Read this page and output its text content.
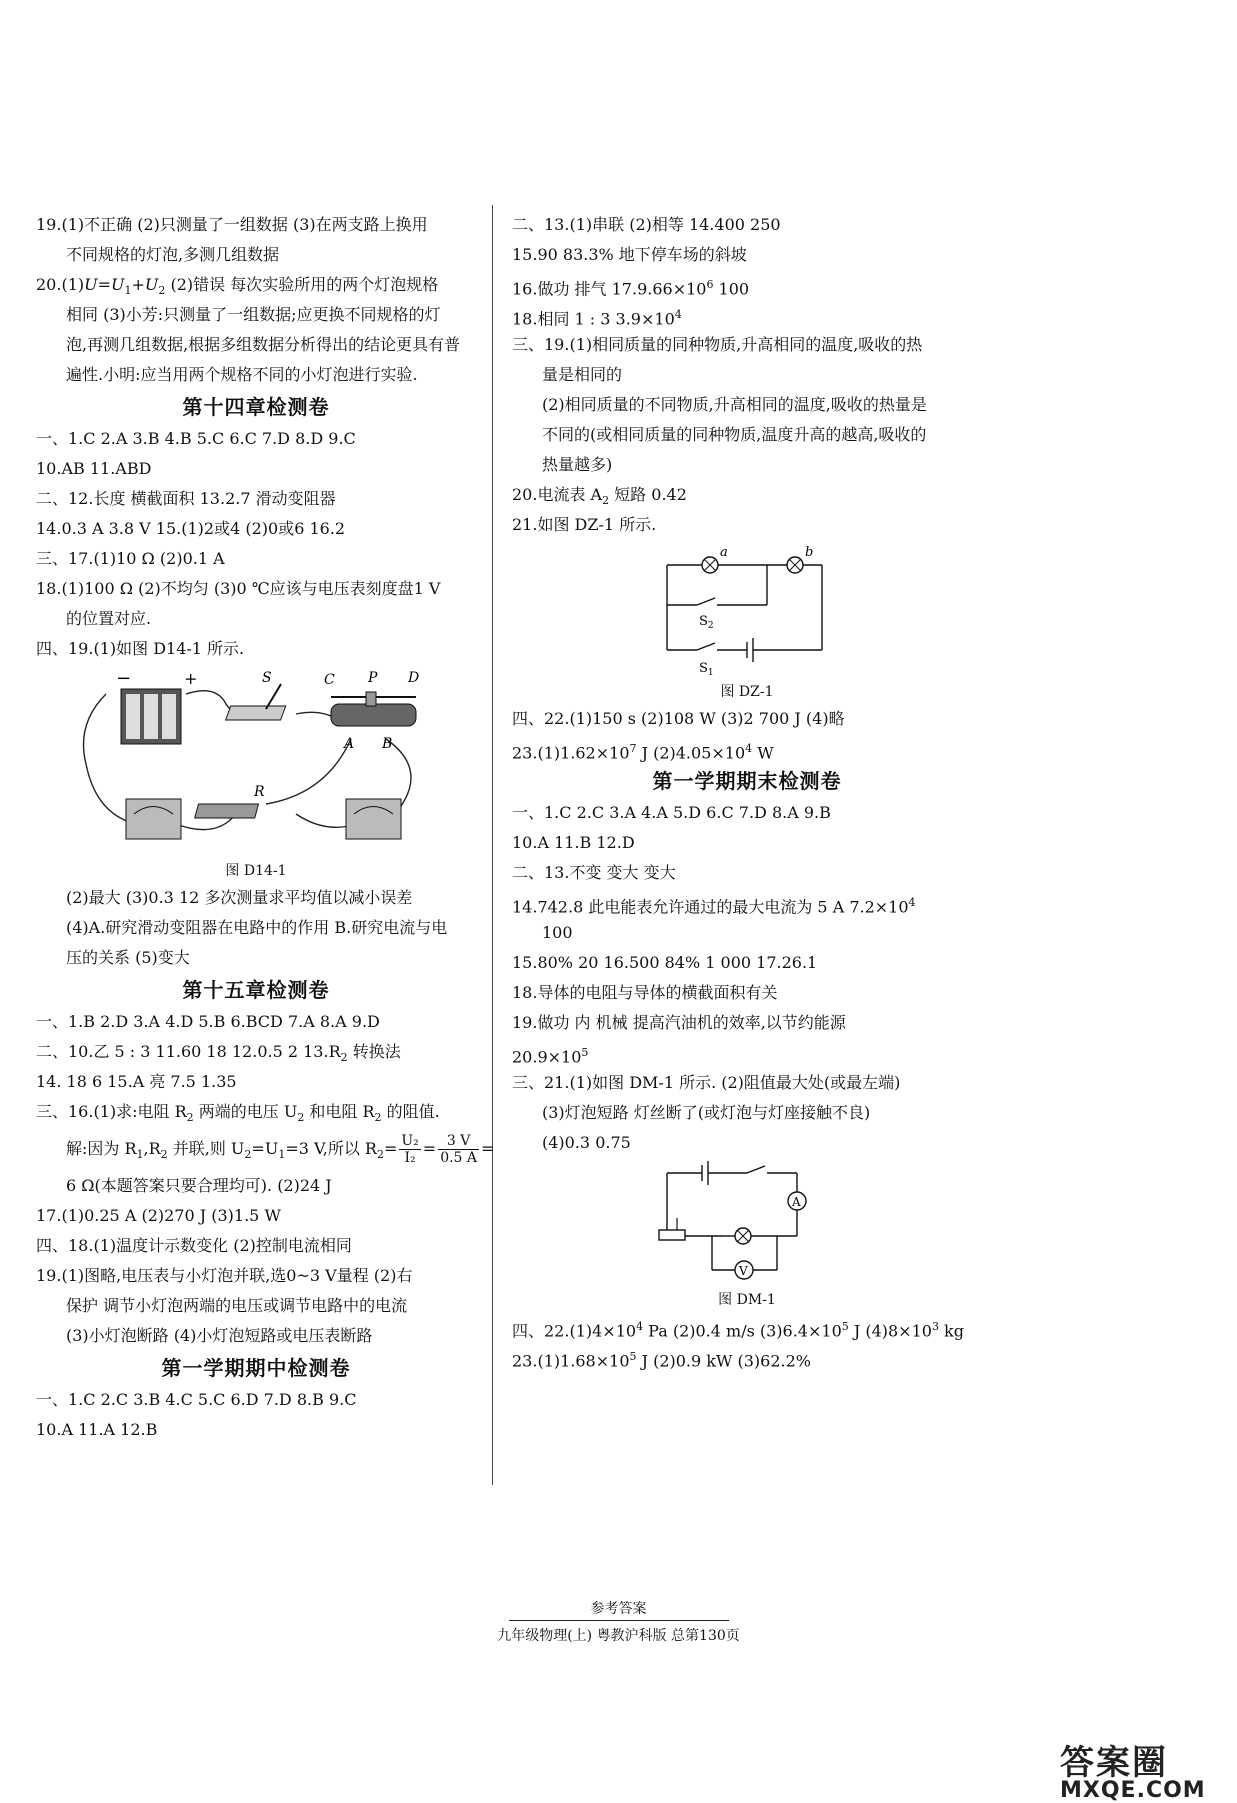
19.(1)不正确 (2)只测量了一组数据 (3)在两支路上换用
不同规格的灯泡,多测几组数据
$20.(1)U=U_1+U_2$ (2)错误 每次实验所用的两个灯泡规格
相同 (3)小芳:只测量了一组数据;应更换不同规格的灯
泡,再测几组数据,根据多组数据分析得出的结论更具有普
遍性.小明:应当用两个规格不同的小灯泡进行实验.
第十四章检测卷
一、1.C 2.A 3.B 4.B 5.C 6.C 7.D 8.D 9.C
10.AB 11.ABD
二、12.长度 横截面积 13.2.7 滑动变阻器
14.0.3 A 3.8 V 15.(1)2或4 (2)0或6 16.2
三、17.(1)10 Ω (2)0.1 A
18.(1)100 Ω (2)不均匀 (3)0 ℃应该与电压表刻度盘1 V
的位置对应.
四、19.(1)如图 D14-1 所示.
−	+	S	C P D
A B
R
图 D14-1
(2)最大 (3)0.3 12 多次测量求平均值以减小误差
(4)A.研究滑动变阻器在电路中的作用 B.研究电流与电
压的关系 (5)变大
第十五章检测卷
一、1.B 2.D 3.A 4.D 5.B 6.BCD 7.A 8.A 9.D
二、10.乙 5 : 3 11.60 18 12.0.5 2 $13.R_2$ 转换法
14. 18 6 15.A 亮 7.5 1.35
三、16.(1)求:电阻 $R_2$ 两端的电压 $U_2$ 和电阻 $R_2$ 的阻值.
解:因为 $R_1,R_2$ 并联,则 $U_2=U_1=3$ V,所以 $R_2= \frac{\text{U₂}}{\text{I₂}} = \frac{3 V}{0.5 A}$ =
6 Ω(本题答案只要合理均可). (2)24 J
17.(1)0.25 A (2)270 J (3)1.5 W
四、18.(1)温度计示数变化 (2)控制电流相同
19.(1)图略,电压表与小灯泡并联,选0~3 V量程 (2)右
保护 调节小灯泡两端的电压或调节电路中的电流
(3)小灯泡断路 (4)小灯泡短路或电压表断路
第一学期期中检测卷
一、1.C 2.C 3.B 4.C 5.C 6.D 7.D 8.B 9.C
10.A 11.A 12.B
二、13.(1)串联 (2)相等 14.400 250
15.90 83.3% 地下停车场的斜坡
16.做功 排气 $17.9.66\times 10^6$ 100
18.相同 1 : 3 $3.9\times 10^4$
三、19.(1)相同质量的同种物质,升高相同的温度,吸收的热
量是相同的
(2)相同质量的不同物质,升高相同的温度,吸收的热量是
不同的(或相同质量的同种物质,温度升高的越高,吸收的
热量越多)
20.电流表 $A_2$ 短路 0.42
21.如图 DZ-1 所示.
a	b
$S_2$
$S_1$
图 DZ-1
四、22.(1)150 s (2)108 W (3)2 700 J (4)略
$23.(1)1.62\times 10^7$ J $(2)4.05\times 10^4$ W
第一学期期末检测卷
一、1.C 2.C 3.A 4.A 5.D 6.C 7.D 8.A 9.B
10.A 11.B 12.D
二、13.不变 变大 变大
14.742.8 此电能表允许通过的最大电流为 5 A $7.2\times 10^4$
100
15.80% 20 16.500 84% 1 000 17.26.1
18.导体的电阻与导体的横截面积有关
19.做功 内 机械 提高汽油机的效率,以节约能源
$20.9\times 10^5$
三、21.(1)如图 DM-1 所示. (2)阻值最大处(或最左端)
(3)灯泡短路 灯丝断了(或灯泡与灯座接触不良)
(4)0.3 0.75
A
V
图 DM-1
四、$22.(1)4\times 10^4$ Pa (2)0.4 m/s $(3)6.4\times 10^5$ J $(4)8\times 10^3$ kg
$23.(1)1.68\times 10^5$ J (2)0.9 kW (3)62.2%
参考答案
九年级物理(上) 粤教沪科版 总第130页
答案圈
MXQE.COM
